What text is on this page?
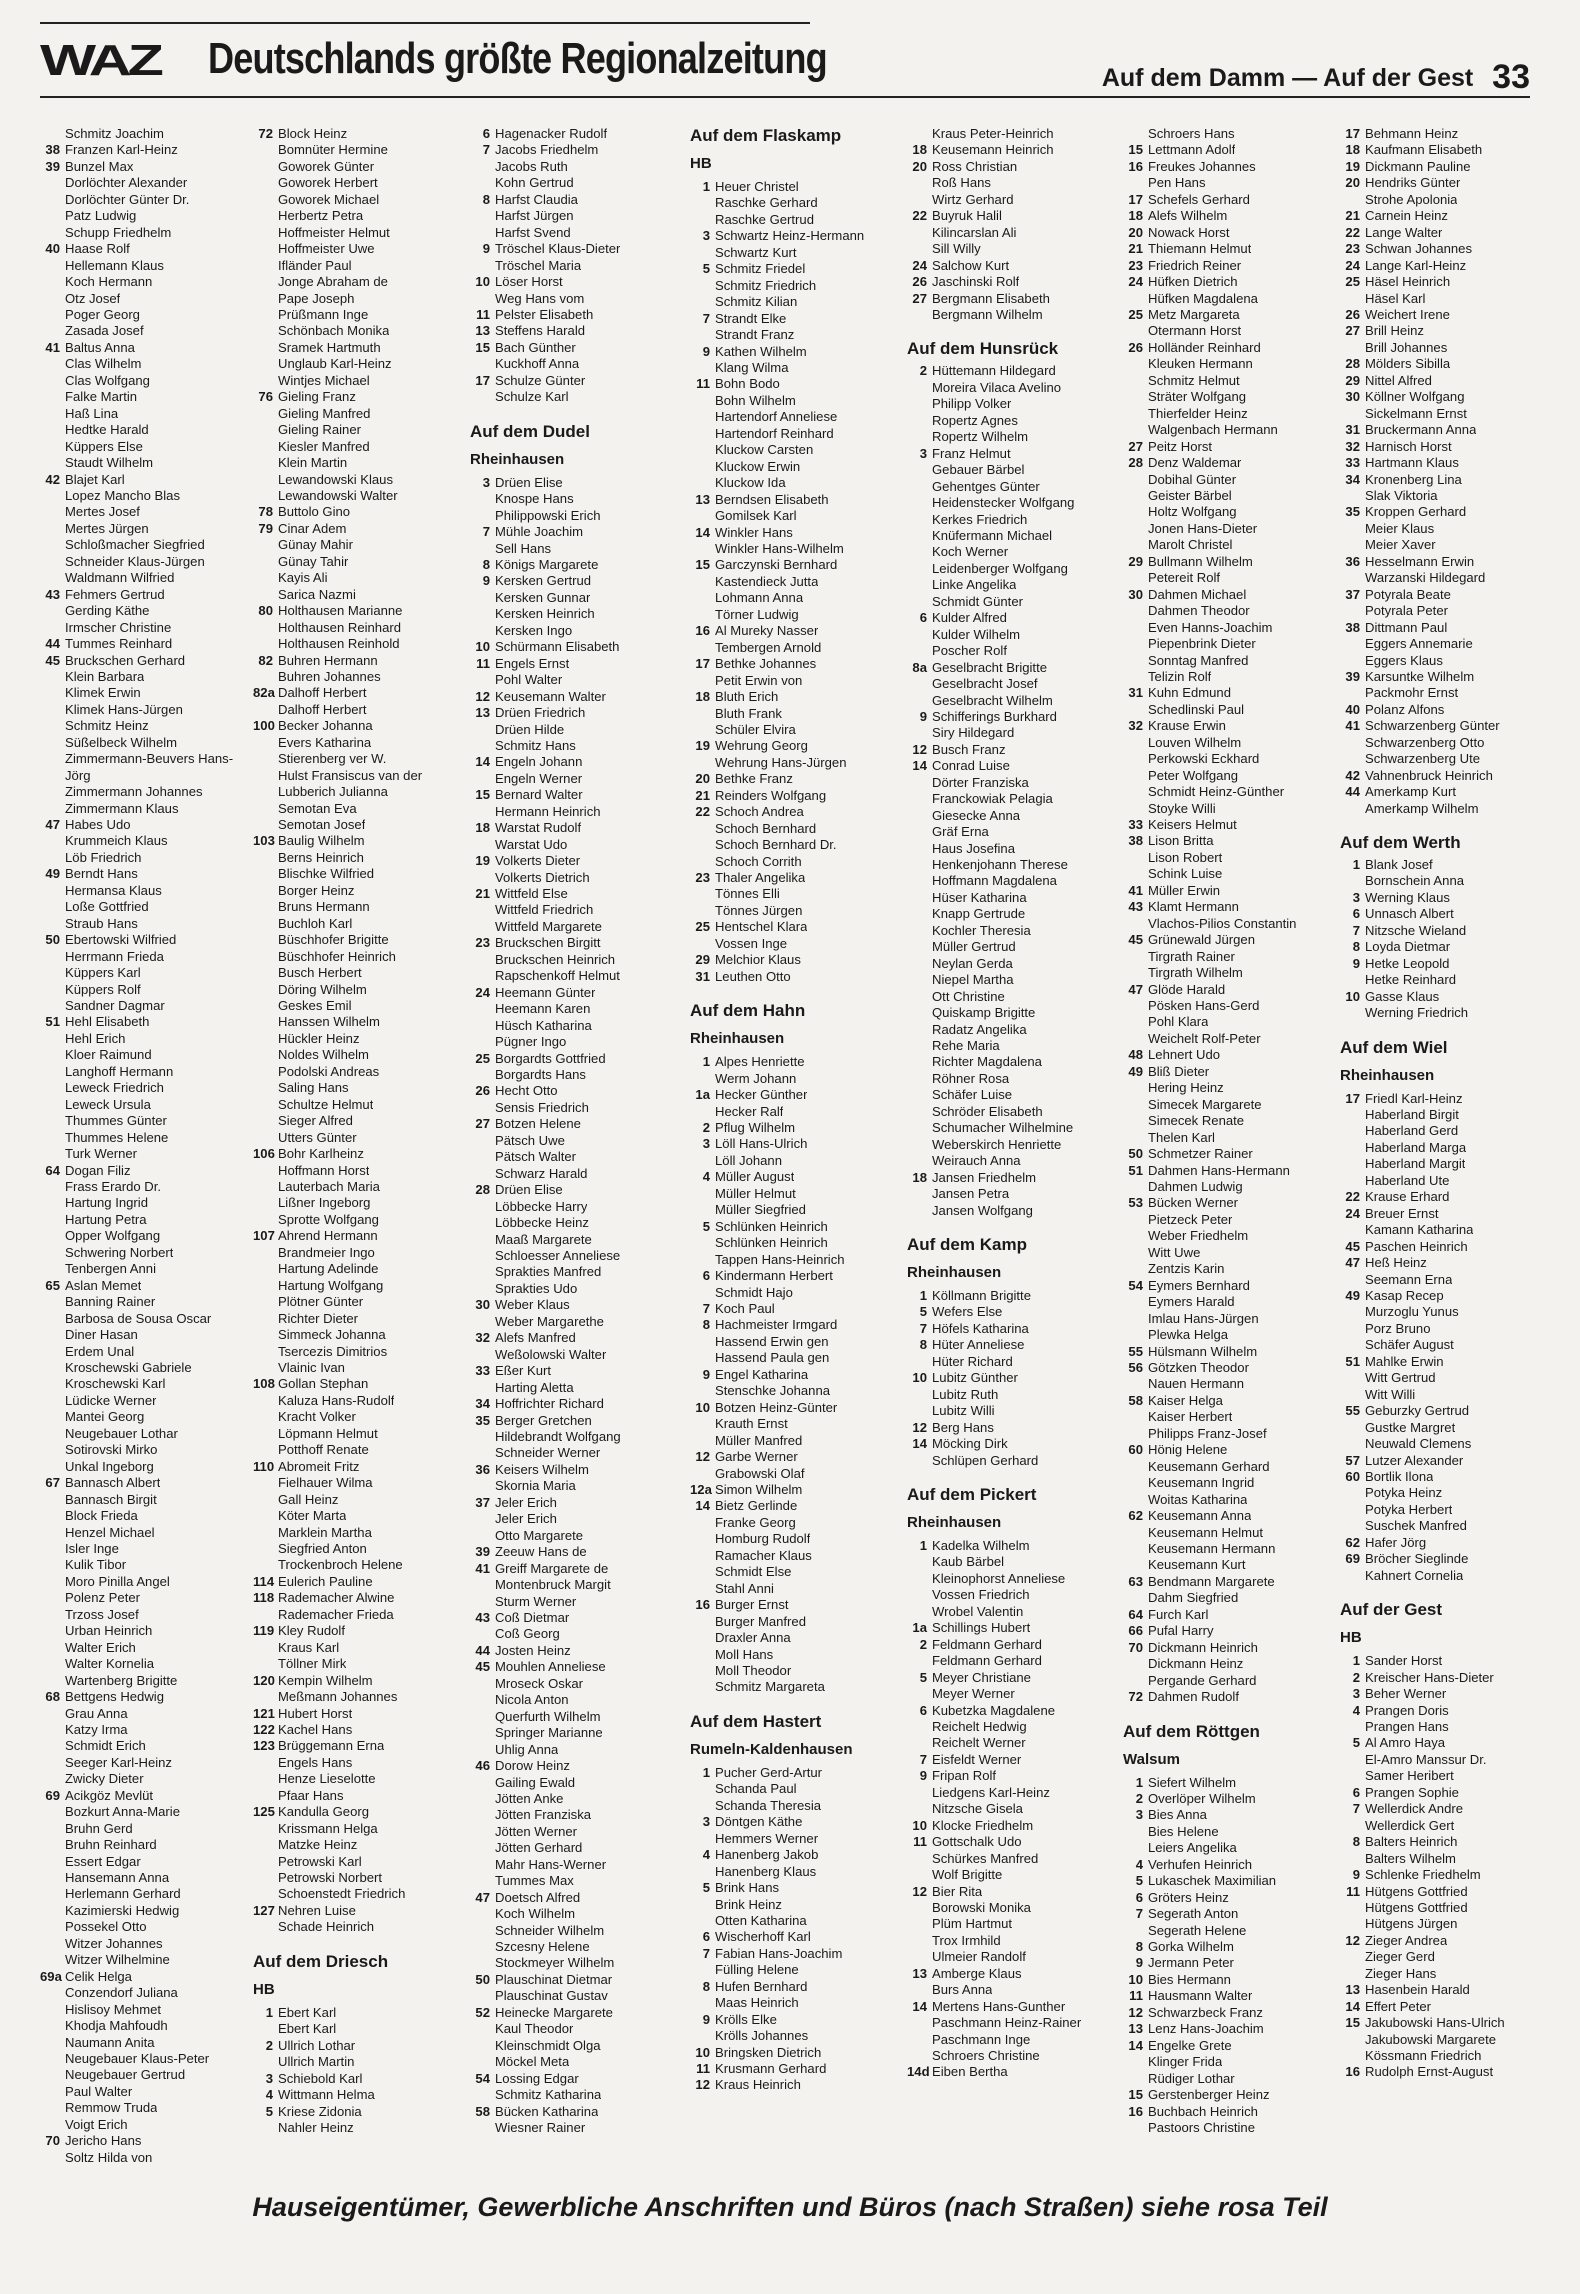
WAZ Deutschlands größte Regionalzeitung	Auf dem Damm — Auf der Gest 33
Schmitz Joachim
38 Franzen Karl-Heinz
39 Bunzel Max
Dorlöchter Alexander
Dorlöchter Günter Dr.
Patz Ludwig
Schupp Friedhelm
40 Haase Rolf
Hellemann Klaus
Koch Hermann
Otz Josef
Poger Georg
Zasada Josef
41 Baltus Anna
Clas Wilhelm
Clas Wolfgang
Falke Martin
Haß Lina
Hedtke Harald
Küppers Else
Staudt Wilhelm
42 Blajet Karl
Lopez Mancho Blas
Mertes Josef
Mertes Jürgen
Schloßmacher Siegfried
Schneider Klaus-Jürgen
Waldmann Wilfried
43 Fehmers Gertrud
Gerding Käthe
Irmscher Christine
44 Tummes Reinhard
45 Bruckschen Gerhard
Klein Barbara
Klimek Erwin
Klimek Hans-Jürgen
Schmitz Heinz
Süßelbeck Wilhelm
Zimmermann-Beuvers Hans-
Jörg
Zimmermann Johannes
Zimmermann Klaus
47 Habes Udo
Krummeich Klaus
Löb Friedrich
49 Berndt Hans
Hermansa Klaus
Loße Gottfried
Straub Hans
50 Ebertowski Wilfried
Herrmann Frieda
Küppers Karl
Küppers Rolf
Sandner Dagmar
51 Hehl Elisabeth
Hehl Erich
Kloer Raimund
Langhoff Hermann
Leweck Friedrich
Leweck Ursula
Thummes Günter
Thummes Helene
Turk Werner
64 Dogan Filiz
Frass Erardo Dr.
Hartung Ingrid
Hartung Petra
Opper Wolfgang
Schwering Norbert
Tenbergen Anni
65 Aslan Memet
Banning Rainer
Barbosa de Sousa Oscar
Diner Hasan
Erdem Unal
Kroschewski Gabriele
Kroschewski Karl
Lüdicke Werner
Mantei Georg
Neugebauer Lothar
Sotirovski Mirko
Unkal Ingeborg
67 Bannasch Albert
Bannasch Birgit
Block Frieda
Henzel Michael
Isler Inge
Kulik Tibor
Moro Pinilla Angel
Polenz Peter
Trzoss Josef
Urban Heinrich
Walter Erich
Walter Kornelia
Wartenberg Brigitte
68 Bettgens Hedwig
Grau Anna
Katzy Irma
Schmidt Erich
Seeger Karl-Heinz
Zwicky Dieter
69 Acikgöz Mevlüt
Bozkurt Anna-Marie
Bruhn Gerd
Bruhn Reinhard
Essert Edgar
Hansemann Anna
Herlemann Gerhard
Kazimierski Hedwig
Possekel Otto
Witzer Johannes
Witzer Wilhelmine
69a Celik Helga
Conzendorf Juliana
Hislisoy Mehmet
Khodja Mahfoudh
Naumann Anita
Neugebauer Klaus-Peter
Neugebauer Gertrud
Paul Walter
Remmow Truda
Voigt Erich
70 Jericho Hans
Soltz Hilda von
72 Block Heinz
Bomnüter Hermine
Goworek Günter
Goworek Herbert
Goworek Michael
Herbertz Petra
Hoffmeister Helmut
Hoffmeister Uwe
Ifländer Paul
Jonge Abraham de
Pape Joseph
Prüßmann Inge
Schönbach Monika
Sramek Hartmuth
Unglaub Karl-Heinz
Wintjes Michael
76 Gieling Franz
Gieling Manfred
Gieling Rainer
Kiesler Manfred
Klein Martin
Lewandowski Klaus
Lewandowski Walter
78 Buttolo Gino
79 Cinar Adem
Günay Mahir
Günay Tahir
Kayis Ali
Sarica Nazmi
80 Holthausen Marianne
Holthausen Reinhard
Holthausen Reinhold
82 Buhren Hermann
Buhren Johannes
82a Dalhoff Herbert
Dalhoff Herbert
100 Becker Johanna
Evers Katharina
Stierenberg ver W.
Hulst Fransiscus van der
Lubberich Julianna
Semotan Eva
Semotan Josef
103 Baulig Wilhelm
Berns Heinrich
Blischke Wilfried
Borger Heinz
Bruns Hermann
Buchloh Karl
Büschhofer Brigitte
Büschhofer Heinrich
Busch Herbert
Döring Wilhelm
Geskes Emil
Hanssen Wilhelm
Hückler Heinz
Noldes Wilhelm
Podolski Andreas
Saling Hans
Schultze Helmut
Sieger Alfred
Utters Günter
106 Bohr Karlheinz
Hoffmann Horst
Lauterbach Maria
Lißner Ingeborg
Sprotte Wolfgang
107 Ahrend Hermann
Brandmeier Ingo
Hartung Adelinde
Hartung Wolfgang
Plötner Günter
Richter Dieter
Simmeck Johanna
Tsercezis Dimitrios
Vlainic Ivan
108 Gollan Stephan
Kaluza Hans-Rudolf
Kracht Volker
Löpmann Helmut
Potthoff Renate
110 Abromeit Fritz
Fielhauer Wilma
Gall Heinz
Köter Marta
Marklein Martha
Siegfried Anton
Trockenbroch Helene
114 Eulerich Pauline
118 Rademacher Alwine
Rademacher Frieda
119 Kley Rudolf
Kraus Karl
Töllner Mirk
120 Kempin Wilhelm
Meßmann Johannes
121 Hubert Horst
122 Kachel Hans
123 Brüggemann Erna
Engels Hans
Henze Lieselotte
Pfaar Hans
125 Kandulla Georg
Krissmann Helga
Matzke Heinz
Petrowski Karl
Petrowski Norbert
Schoenstedt Friedrich
127 Nehren Luise
Schade Heinrich
Auf dem Driesch
HB
1 Ebert Karl
Ebert Karl
2 Ullrich Lothar
Ullrich Martin
3 Schiebold Karl
4 Wittmann Helma
5 Kriese Zidonia
Nahler Heinz
6 Hagenacker Rudolf
7 Jacobs Friedhelm
Jacobs Ruth
Kohn Gertrud
8 Harfst Claudia
Harfst Jürgen
Harfst Svend
9 Tröschel Klaus-Dieter
Tröschel Maria
10 Löser Horst
Weg Hans vom
11 Pelster Elisabeth
13 Steffens Harald
15 Bach Günther
Kuckhoff Anna
17 Schulze Günter
Schulze Karl
Auf dem Dudel
Rheinhausen
3 Drüen Elise
Knospe Hans
Philippowski Erich
7 Mühle Joachim
Sell Hans
8 Königs Margarete
9 Kersken Gertrud
Kersken Gunnar
Kersken Heinrich
Kersken Ingo
10 Schürmann Elisabeth
11 Engels Ernst
Pohl Walter
12 Keusemann Walter
13 Drüen Friedrich
Drüen Hilde
Schmitz Hans
14 Engeln Johann
Engeln Werner
15 Bernard Walter
Hermann Heinrich
18 Warstat Rudolf
Warstat Udo
19 Volkerts Dieter
Volkerts Dietrich
21 Wittfeld Else
Wittfeld Friedrich
Wittfeld Margarete
23 Bruckschen Birgitt
Bruckschen Heinrich
Rapschenkoff Helmut
24 Heemann Günter
Heemann Karen
Hüsch Katharina
Pügner Ingo
25 Borgardts Gottfried
Borgardts Hans
26 Hecht Otto
Sensis Friedrich
27 Botzen Helene
Pätsch Uwe
Pätsch Walter
Schwarz Harald
28 Drüen Elise
Löbbecke Harry
Löbbecke Heinz
Maaß Margarete
Schloesser Anneliese
Sprakties Manfred
Sprakties Udo
30 Weber Klaus
Weber Margarethe
32 Alefs Manfred
Weßolowski Walter
33 Eßer Kurt
Harting Aletta
34 Hoffrichter Richard
35 Berger Gretchen
Hildebrandt Wolfgang
Schneider Werner
36 Keisers Wilhelm
Skornia Maria
37 Jeler Erich
Jeler Erich
Otto Margarete
39 Zeeuw Hans de
41 Greiff Margarete de
Montenbruck Margit
Sturm Werner
43 Coß Dietmar
Coß Georg
44 Josten Heinz
45 Mouhlen Anneliese
Mroseck Oskar
Nicola Anton
Querfurth Wilhelm
Springer Marianne
Uhlig Anna
46 Dorow Heinz
Gailing Ewald
Jötten Anke
Jötten Franziska
Jötten Werner
Jötten Gerhard
Mahr Hans-Werner
Tummes Max
47 Doetsch Alfred
Koch Wilhelm
Schneider Wilhelm
Szcesny Helene
Stockmeyer Wilhelm
50 Plauschinat Dietmar
Plauschinat Gustav
52 Heinecke Margarete
Kaul Theodor
Kleinschmidt Olga
Möckel Meta
54 Lossing Edgar
Schmitz Katharina
58 Bücken Katharina
Wiesner Rainer
Auf dem Flaskamp
HB
1 Heuer Christel
Raschke Gerhard
Raschke Gertrud
3 Schwartz Heinz-Hermann
Schwartz Kurt
5 Schmitz Friedel
Schmitz Friedrich
Schmitz Kilian
7 Strandt Elke
Strandt Franz
9 Kathen Wilhelm
Klang Wilma
11 Bohn Bodo
Bohn Wilhelm
Hartendorf Anneliese
Hartendorf Reinhard
Kluckow Carsten
Kluckow Erwin
Kluckow Ida
13 Berndsen Elisabeth
Gomilsek Karl
14 Winkler Hans
Winkler Hans-Wilhelm
15 Garczynski Bernhard
Kastendieck Jutta
Lohmann Anna
Törner Ludwig
16 Al Mureky Nasser
Tembergen Arnold
17 Bethke Johannes
Petit Erwin von
18 Bluth Erich
Bluth Frank
Schüler Elvira
19 Wehrung Georg
Wehrung Hans-Jürgen
20 Bethke Franz
21 Reinders Wolfgang
22 Schoch Andrea
Schoch Bernhard
Schoch Bernhard Dr.
Schoch Corrith
23 Thaler Angelika
Tönnes Elli
Tönnes Jürgen
25 Hentschel Klara
Vossen Inge
29 Melchior Klaus
31 Leuthen Otto
Auf dem Hahn
Rheinhausen
1 Alpes Henriette
Werm Johann
1a Hecker Günther
Hecker Ralf
2 Pflug Wilhelm
3 Löll Hans-Ulrich
Löll Johann
4 Müller August
Müller Helmut
Müller Siegfried
5 Schlünken Heinrich
Schlünken Heinrich
Tappen Hans-Heinrich
6 Kindermann Herbert
Schmidt Hajo
7 Koch Paul
8 Hachmeister Irmgard
Hassend Erwin gen
Hassend Paula gen
9 Engel Katharina
Stenschke Johanna
10 Botzen Heinz-Günter
Krauth Ernst
Müller Manfred
12 Garbe Werner
Grabowski Olaf
12a Simon Wilhelm
14 Bietz Gerlinde
Franke Georg
Homburg Rudolf
Ramacher Klaus
Schmidt Else
Stahl Anni
16 Burger Ernst
Burger Manfred
Draxler Anna
Moll Hans
Moll Theodor
Schmitz Margareta
Auf dem Hastert
Rumeln-Kaldenhausen
1 Pucher Gerd-Artur
Schanda Paul
Schanda Theresia
3 Döntgen Käthe
Hemmers Werner
4 Hanenberg Jakob
Hanenberg Klaus
5 Brink Hans
Brink Heinz
Otten Katharina
6 Wischerhoff Karl
7 Fabian Hans-Joachim
Fülling Helene
8 Hufen Bernhard
Maas Heinrich
9 Krölls Elke
Krölls Johannes
10 Bringsken Dietrich
11 Krusmann Gerhard
12 Kraus Heinrich
Kraus Peter-Heinrich
18 Keusemann Heinrich
20 Ross Christian
Roß Hans
Wirtz Gerhard
22 Buyruk Halil
Kilincarslan Ali
Sill Willy
24 Salchow Kurt
26 Jaschinski Rolf
27 Bergmann Elisabeth
Bergmann Wilhelm
Auf dem Hunsrück
2 Hüttemann Hildegard
Moreira Vilaca Avelino
Philipp Volker
Ropertz Agnes
Ropertz Wilhelm
3 Franz Helmut
Gebauer Bärbel
Gehentges Günter
Heidenstecker Wolfgang
Kerkes Friedrich
Knüfermann Michael
Koch Werner
Leidenberger Wolfgang
Linke Angelika
Schmidt Günter
6 Kulder Alfred
Kulder Wilhelm
Poscher Rolf
8a Geselbracht Brigitte
Geselbracht Josef
Geselbracht Wilhelm
9 Schifferings Burkhard
Siry Hildegard
12 Busch Franz
14 Conrad Luise
Dörter Franziska
Franckowiak Pelagia
Giesecke Anna
Gräf Erna
Haus Josefina
Henkenjohann Therese
Hoffmann Magdalena
Hüser Katharina
Knapp Gertrude
Kochler Theresia
Müller Gertrud
Neylan Gerda
Niepel Martha
Ott Christine
Quiskamp Brigitte
Radatz Angelika
Rehe Maria
Richter Magdalena
Röhner Rosa
Schäfer Luise
Schröder Elisabeth
Schumacher Wilhelmine
Weberskirch Henriette
Weirauch Anna
18 Jansen Friedhelm
Jansen Petra
Jansen Wolfgang
Auf dem Kamp
Rheinhausen
1 Köllmann Brigitte
5 Wefers Else
7 Höfels Katharina
8 Hüter Anneliese
Hüter Richard
10 Lubitz Günther
Lubitz Ruth
Lubitz Willi
12 Berg Hans
14 Möcking Dirk
Schlüpen Gerhard
Auf dem Pickert
Rheinhausen
1 Kadelka Wilhelm
Kaub Bärbel
Kleinophorst Anneliese
Vossen Friedrich
Wrobel Valentin
1a Schillings Hubert
2 Feldmann Gerhard
Feldmann Gerhard
5 Meyer Christiane
Meyer Werner
6 Kubetzka Magdalene
Reichelt Hedwig
Reichelt Werner
7 Eisfeldt Werner
9 Fripan Rolf
Liedgens Karl-Heinz
Nitzsche Gisela
10 Klocke Friedhelm
11 Gottschalk Udo
Schürkes Manfred
Wolf Brigitte
12 Bier Rita
Borowski Monika
Plüm Hartmut
Trox Irmhild
Ulmeier Randolf
13 Amberge Klaus
Burs Anna
14 Mertens Hans-Gunther
Paschmann Heinz-Rainer
Paschmann Inge
Schroers Christine
14d Eiben Bertha
Schroers Hans
15 Lettmann Adolf
16 Freukes Johannes
Pen Hans
17 Schefels Gerhard
18 Alefs Wilhelm
20 Nowack Horst
21 Thiemann Helmut
23 Friedrich Reiner
24 Hüfken Dietrich
Hüfken Magdalena
25 Metz Margareta
Otermann Horst
26 Holländer Reinhard
Kleuken Hermann
Schmitz Helmut
Sträter Wolfgang
Thierfelder Heinz
Walgenbach Hermann
27 Peitz Horst
28 Denz Waldemar
Dobihal Günter
Geister Bärbel
Holtz Wolfgang
Jonen Hans-Dieter
Marolt Christel
29 Bullmann Wilhelm
Petereit Rolf
30 Dahmen Michael
Dahmen Theodor
Even Hanns-Joachim
Piepenbrink Dieter
Sonntag Manfred
Telizin Rolf
31 Kuhn Edmund
Schedlinski Paul
32 Krause Erwin
Louven Wilhelm
Perkowski Eckhard
Peter Wolfgang
Schmidt Heinz-Günther
Stoyke Willi
33 Keisers Helmut
38 Lison Britta
Lison Robert
Schink Luise
41 Müller Erwin
43 Klamt Hermann
Vlachos-Pilios Constantin
45 Grünewald Jürgen
Tirgrath Rainer
Tirgrath Wilhelm
47 Glöde Harald
Pösken Hans-Gerd
Pohl Klara
Weichelt Rolf-Peter
48 Lehnert Udo
49 Bliß Dieter
Hering Heinz
Simecek Margarete
Simecek Renate
Thelen Karl
50 Schmetzer Rainer
51 Dahmen Hans-Hermann
Dahmen Ludwig
53 Bücken Werner
Pietzeck Peter
Weber Friedhelm
Witt Uwe
Zentzis Karin
54 Eymers Bernhard
Eymers Harald
Imlau Hans-Jürgen
Plewka Helga
55 Hülsmann Wilhelm
56 Götzken Theodor
Nauen Hermann
58 Kaiser Helga
Kaiser Herbert
Philipps Franz-Josef
60 Hönig Helene
Keusemann Gerhard
Keusemann Ingrid
Woitas Katharina
62 Keusemann Anna
Keusemann Helmut
Keusemann Hermann
Keusemann Kurt
63 Bendmann Margarete
Dahm Siegfried
64 Furch Karl
66 Pufal Harry
70 Dickmann Heinrich
Dickmann Heinz
Pergande Gerhard
72 Dahmen Rudolf
Auf dem Röttgen
Walsum
1 Siefert Wilhelm
2 Overlöper Wilhelm
3 Bies Anna
Bies Helene
Leiers Angelika
4 Verhufen Heinrich
5 Lukaschek Maximilian
6 Gröters Heinz
7 Segerath Anton
Segerath Helene
8 Gorka Wilhelm
9 Jermann Peter
10 Bies Hermann
11 Hausmann Walter
12 Schwarzbeck Franz
13 Lenz Hans-Joachim
14 Engelke Grete
Klinger Frida
Rüdiger Lothar
15 Gerstenberger Heinz
16 Buchbach Heinrich
Pastoors Christine
17 Behmann Heinz
18 Kaufmann Elisabeth
19 Dickmann Pauline
20 Hendriks Günter
Strohe Apolonia
21 Carnein Heinz
22 Lange Walter
23 Schwan Johannes
24 Lange Karl-Heinz
25 Häsel Heinrich
Häsel Karl
26 Weichert Irene
27 Brill Heinz
Brill Johannes
28 Mölders Sibilla
29 Nittel Alfred
30 Köllner Wolfgang
Sickelmann Ernst
31 Bruckermann Anna
32 Harnisch Horst
33 Hartmann Klaus
34 Kronenberg Lina
Slak Viktoria
35 Kroppen Gerhard
Meier Klaus
Meier Xaver
36 Hesselmann Erwin
Warzanski Hildegard
37 Potyrala Beate
Potyrala Peter
38 Dittmann Paul
Eggers Annemarie
Eggers Klaus
39 Karsuntke Wilhelm
Packmohr Ernst
40 Polanz Alfons
41 Schwarzenberg Günter
Schwarzenberg Otto
Schwarzenberg Ute
42 Vahnenbruck Heinrich
44 Amerkamp Kurt
Amerkamp Wilhelm
Auf dem Werth
1 Blank Josef
Bornschein Anna
3 Werning Klaus
6 Unnasch Albert
7 Nitzsche Wieland
8 Loyda Dietmar
9 Hetke Leopold
Hetke Reinhard
10 Gasse Klaus
Werning Friedrich
Auf dem Wiel
Rheinhausen
17 Friedl Karl-Heinz
Haberland Birgit
Haberland Gerd
Haberland Marga
Haberland Margit
Haberland Ute
22 Krause Erhard
24 Breuer Ernst
Kamann Katharina
45 Paschen Heinrich
47 Heß Heinz
Seemann Erna
49 Kasap Recep
Murzoglu Yunus
Porz Bruno
Schäfer August
51 Mahlke Erwin
Witt Gertrud
Witt Willi
55 Geburzky Gertrud
Gustke Margret
Neuwald Clemens
57 Lutzer Alexander
60 Bortlik Ilona
Potyka Heinz
Potyka Herbert
Suschek Manfred
62 Hafer Jörg
69 Bröcher Sieglinde
Kahnert Cornelia
Auf der Gest
HB
1 Sander Horst
2 Kreischer Hans-Dieter
3 Beher Werner
4 Prangen Doris
Prangen Hans
5 Al Amro Haya
El-Amro Manssur Dr.
Samer Heribert
6 Prangen Sophie
7 Wellerdick Andre
Wellerdick Gert
8 Balters Heinrich
Balters Wilhelm
9 Schlenke Friedhelm
11 Hütgens Gottfried
Hütgens Gottfried
Hütgens Jürgen
12 Zieger Andrea
Zieger Gerd
Zieger Hans
13 Hasenbein Harald
14 Effert Peter
15 Jakubowski Hans-Ulrich
Jakubowski Margarete
Kössmann Friedrich
16 Rudolph Ernst-August
Hauseigentümer, Gewerbliche Anschriften und Büros (nach Straßen) siehe rosa Teil
